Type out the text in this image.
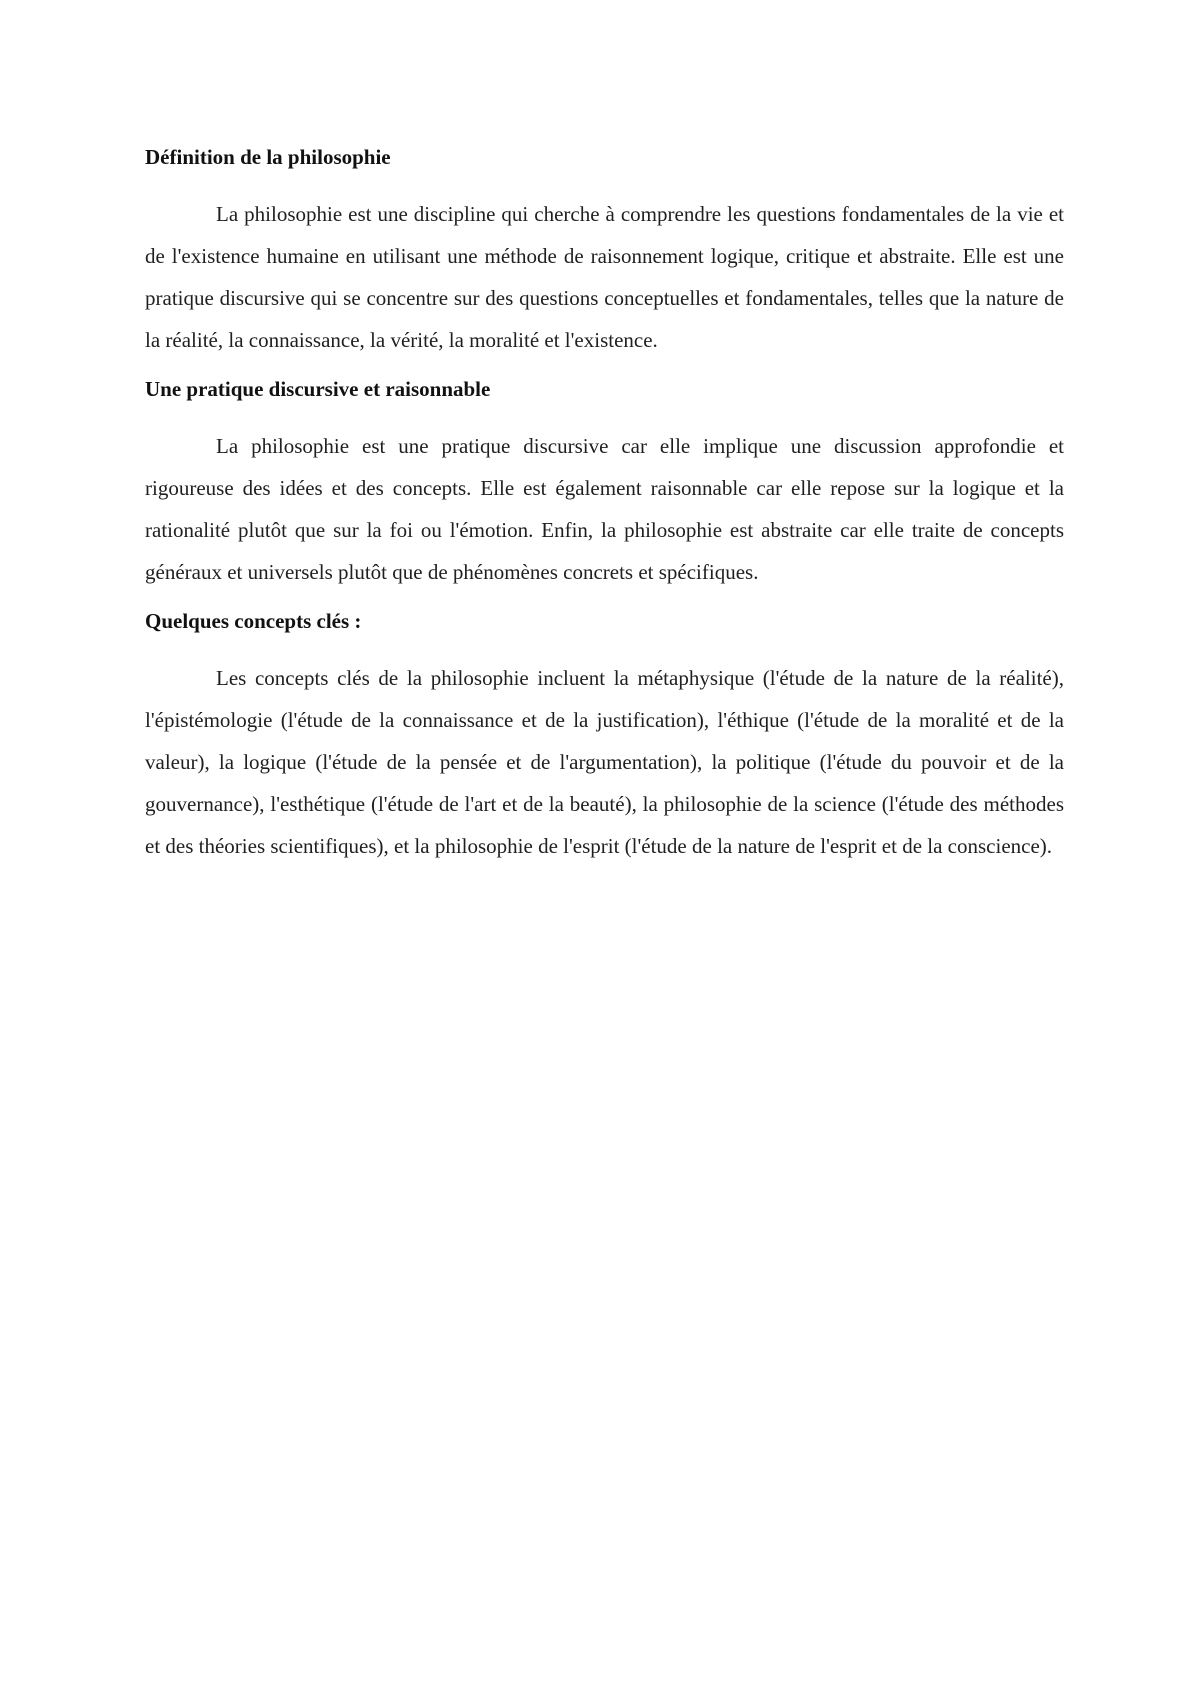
Définition de la philosophie

La philosophie est une discipline qui cherche à comprendre les questions fondamentales de la vie et de l'existence humaine en utilisant une méthode de raisonnement logique, critique et abstraite. Elle est une pratique discursive qui se concentre sur des questions conceptuelles et fondamentales, telles que la nature de la réalité, la connaissance, la vérité, la moralité et l'existence.

Une pratique discursive et raisonnable

La philosophie est une pratique discursive car elle implique une discussion approfondie et rigoureuse des idées et des concepts. Elle est également raisonnable car elle repose sur la logique et la rationalité plutôt que sur la foi ou l'émotion. Enfin, la philosophie est abstraite car elle traite de concepts généraux et universels plutôt que de phénomènes concrets et spécifiques.

Quelques concepts clés :

Les concepts clés de la philosophie incluent la métaphysique (l'étude de la nature de la réalité), l'épistémologie (l'étude de la connaissance et de la justification), l'éthique (l'étude de la moralité et de la valeur), la logique (l'étude de la pensée et de l'argumentation), la politique (l'étude du pouvoir et de la gouvernance), l'esthétique (l'étude de l'art et de la beauté), la philosophie de la science (l'étude des méthodes et des théories scientifiques), et la philosophie de l'esprit (l'étude de la nature de l'esprit et de la conscience).
